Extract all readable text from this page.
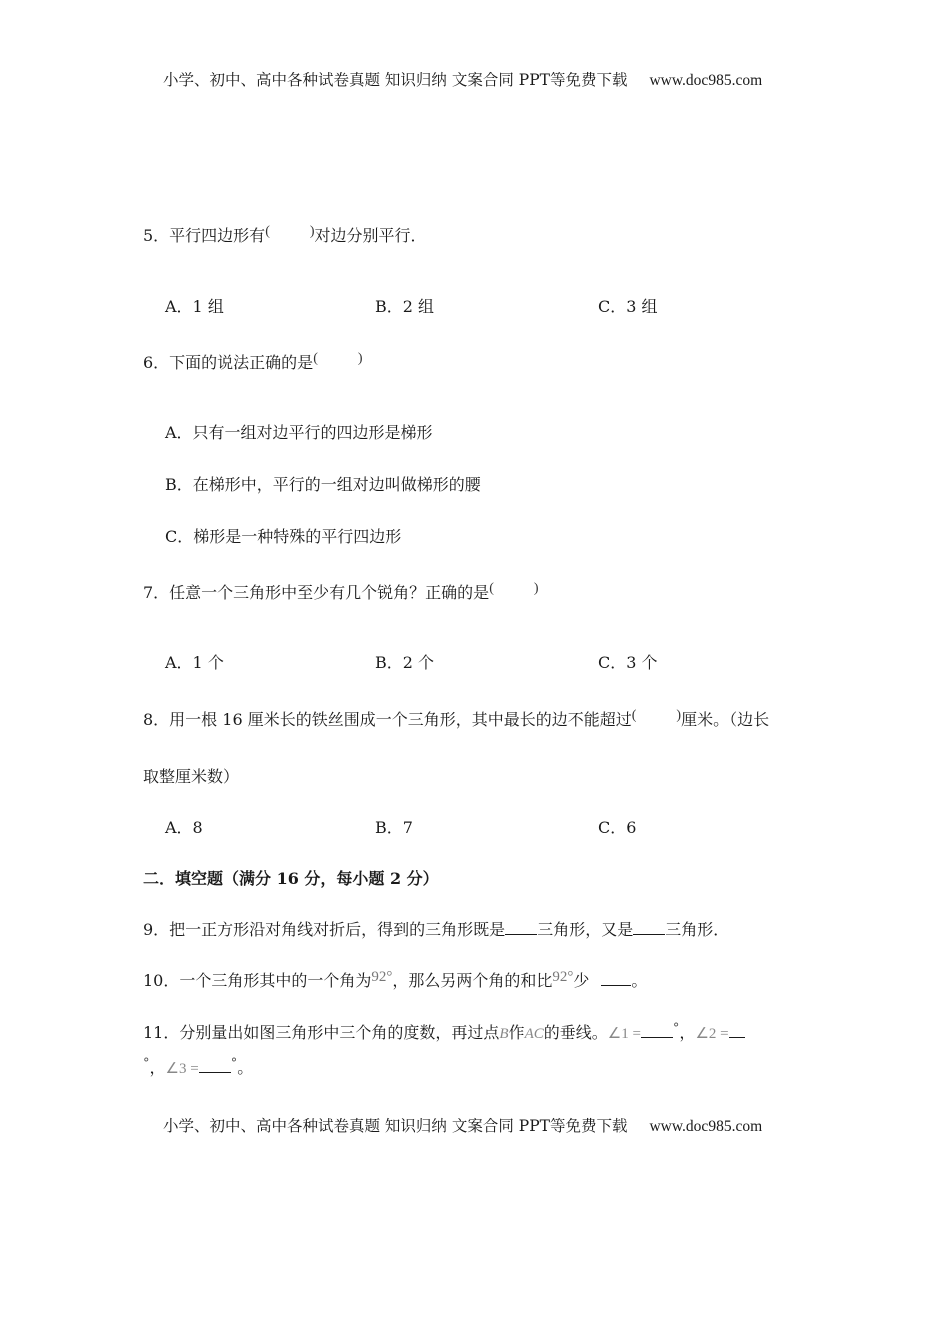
小学、初中、高中各种试卷真题 知识归纳 文案合同 PPT等免费下载 www.doc985.com
5．平行四边形有(	)对边分别平行．
A．1 组	B．2 组	C．3 组
6．下面的说法正确的是(	)
A．只有一组对边平行的四边形是梯形
B．在梯形中，平行的一组对边叫做梯形的腰
C．梯形是一种特殊的平行四边形
7．任意一个三角形中至少有几个锐角？正确的是(	)
A．1 个	B．2 个	C．3 个
8．用一根 16 厘米长的铁丝围成一个三角形，其中最长的边不能超过(	)厘米。（边长
取整厘米数）
A．8	B．7	C．6
二．填空题（满分 16 分，每小题 2 分）
9．把一正方形沿对角线对折后，得到的三角形既是 三角形，又是 三角形．
10．一个三角形其中的一个角为92°，那么另两个角的和比92°少	。
11．分别量出如图三角形中三个角的度数，再过点B作AC的垂线。∠1 = °，∠2 =
°，∠3 = °。
小学、初中、高中各种试卷真题 知识归纳 文案合同 PPT等免费下载 www.doc985.com
